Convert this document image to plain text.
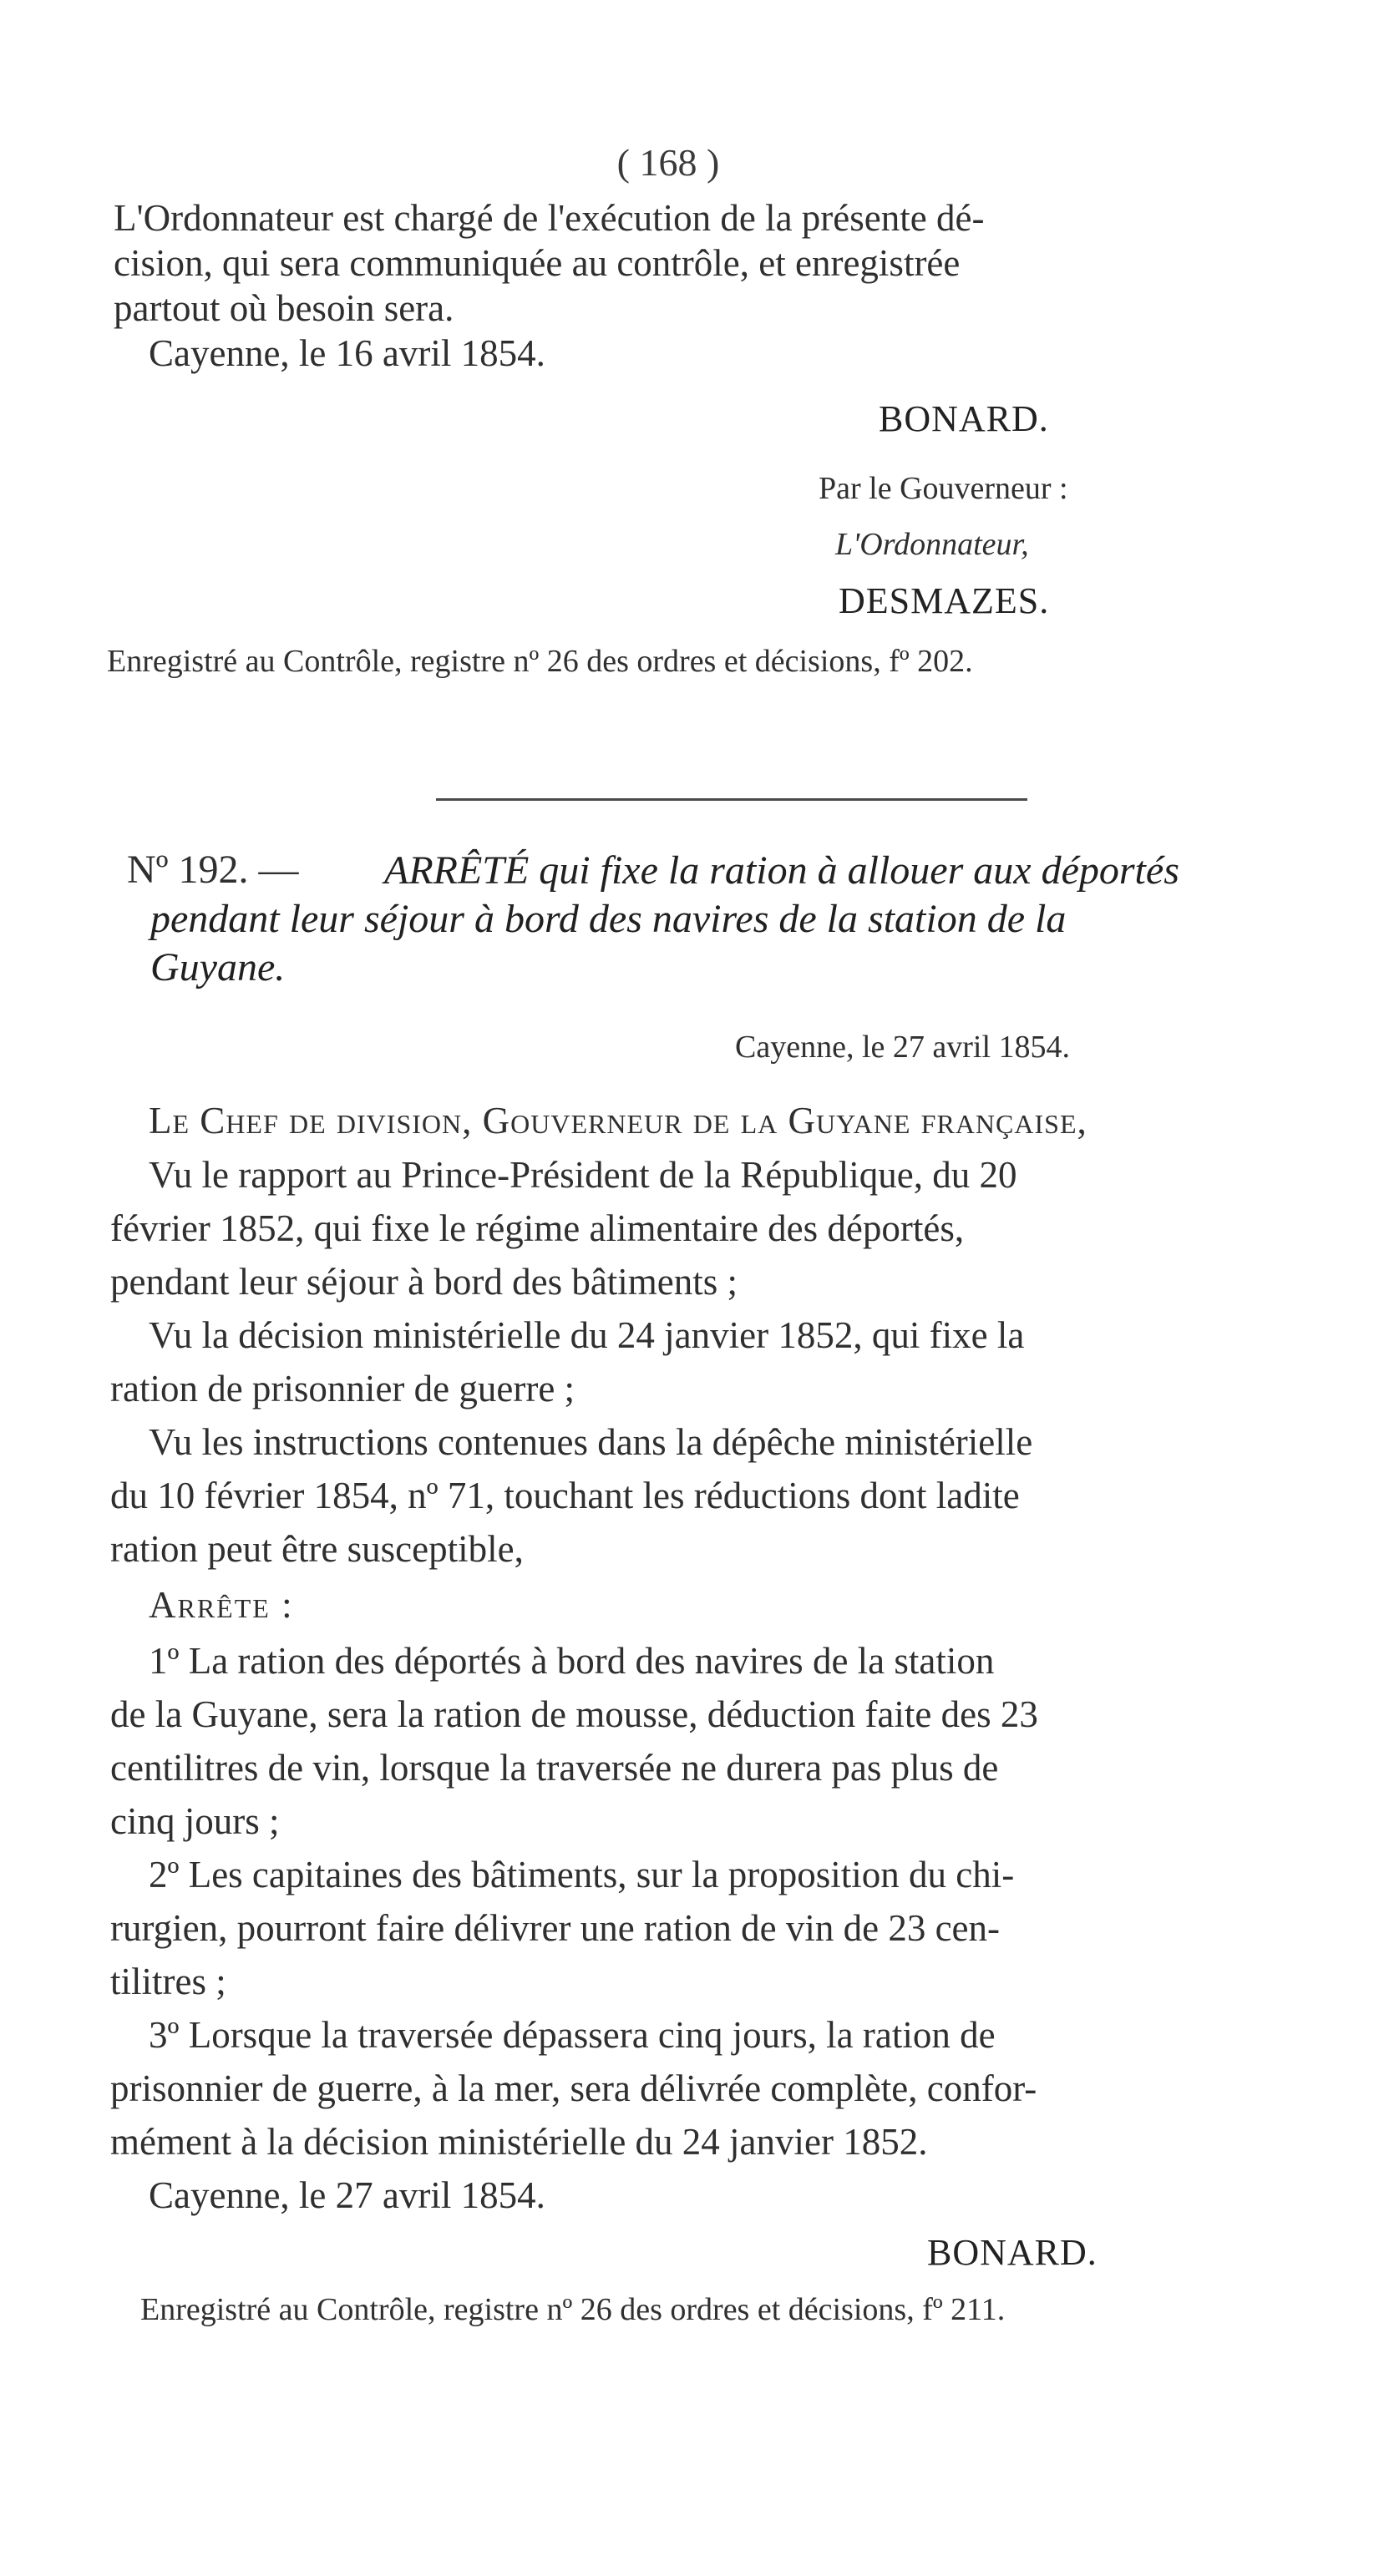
( 168 )
L'Ordonnateur est chargé de l'exécution de la présente dé-
cision, qui sera communiquée au contrôle, et enregistrée
partout où besoin sera.
Cayenne, le 16 avril 1854.
BONARD.
Par le Gouverneur :
L'Ordonnateur,
DESMAZES.
Enregistré au Contrôle, registre nº 26 des ordres et décisions, fº 202.
Nº 192. — ARRÊTÉ qui fixe la ration à allouer aux déportés
pendant leur séjour à bord des navires de la station de la
Guyane.
Cayenne, le 27 avril 1854.
Le Chef de division, Gouverneur de la Guyane française,
Vu le rapport au Prince-Président de la République, du 20
février 1852, qui fixe le régime alimentaire des déportés,
pendant leur séjour à bord des bâtiments ;
Vu la décision ministérielle du 24 janvier 1852, qui fixe la
ration de prisonnier de guerre ;
Vu les instructions contenues dans la dépêche ministérielle
du 10 février 1854, nº 71, touchant les réductions dont ladite
ration peut être susceptible,
Arrête :
1º La ration des déportés à bord des navires de la station
de la Guyane, sera la ration de mousse, déduction faite des 23
centilitres de vin, lorsque la traversée ne durera pas plus de
cinq jours ;
2º Les capitaines des bâtiments, sur la proposition du chi-
rurgien, pourront faire délivrer une ration de vin de 23 cen-
tilitres ;
3º Lorsque la traversée dépassera cinq jours, la ration de
prisonnier de guerre, à la mer, sera délivrée complète, confor-
mément à la décision ministérielle du 24 janvier 1852.
Cayenne, le 27 avril 1854.
BONARD.
Enregistré au Contrôle, registre nº 26 des ordres et décisions, fº 211.
